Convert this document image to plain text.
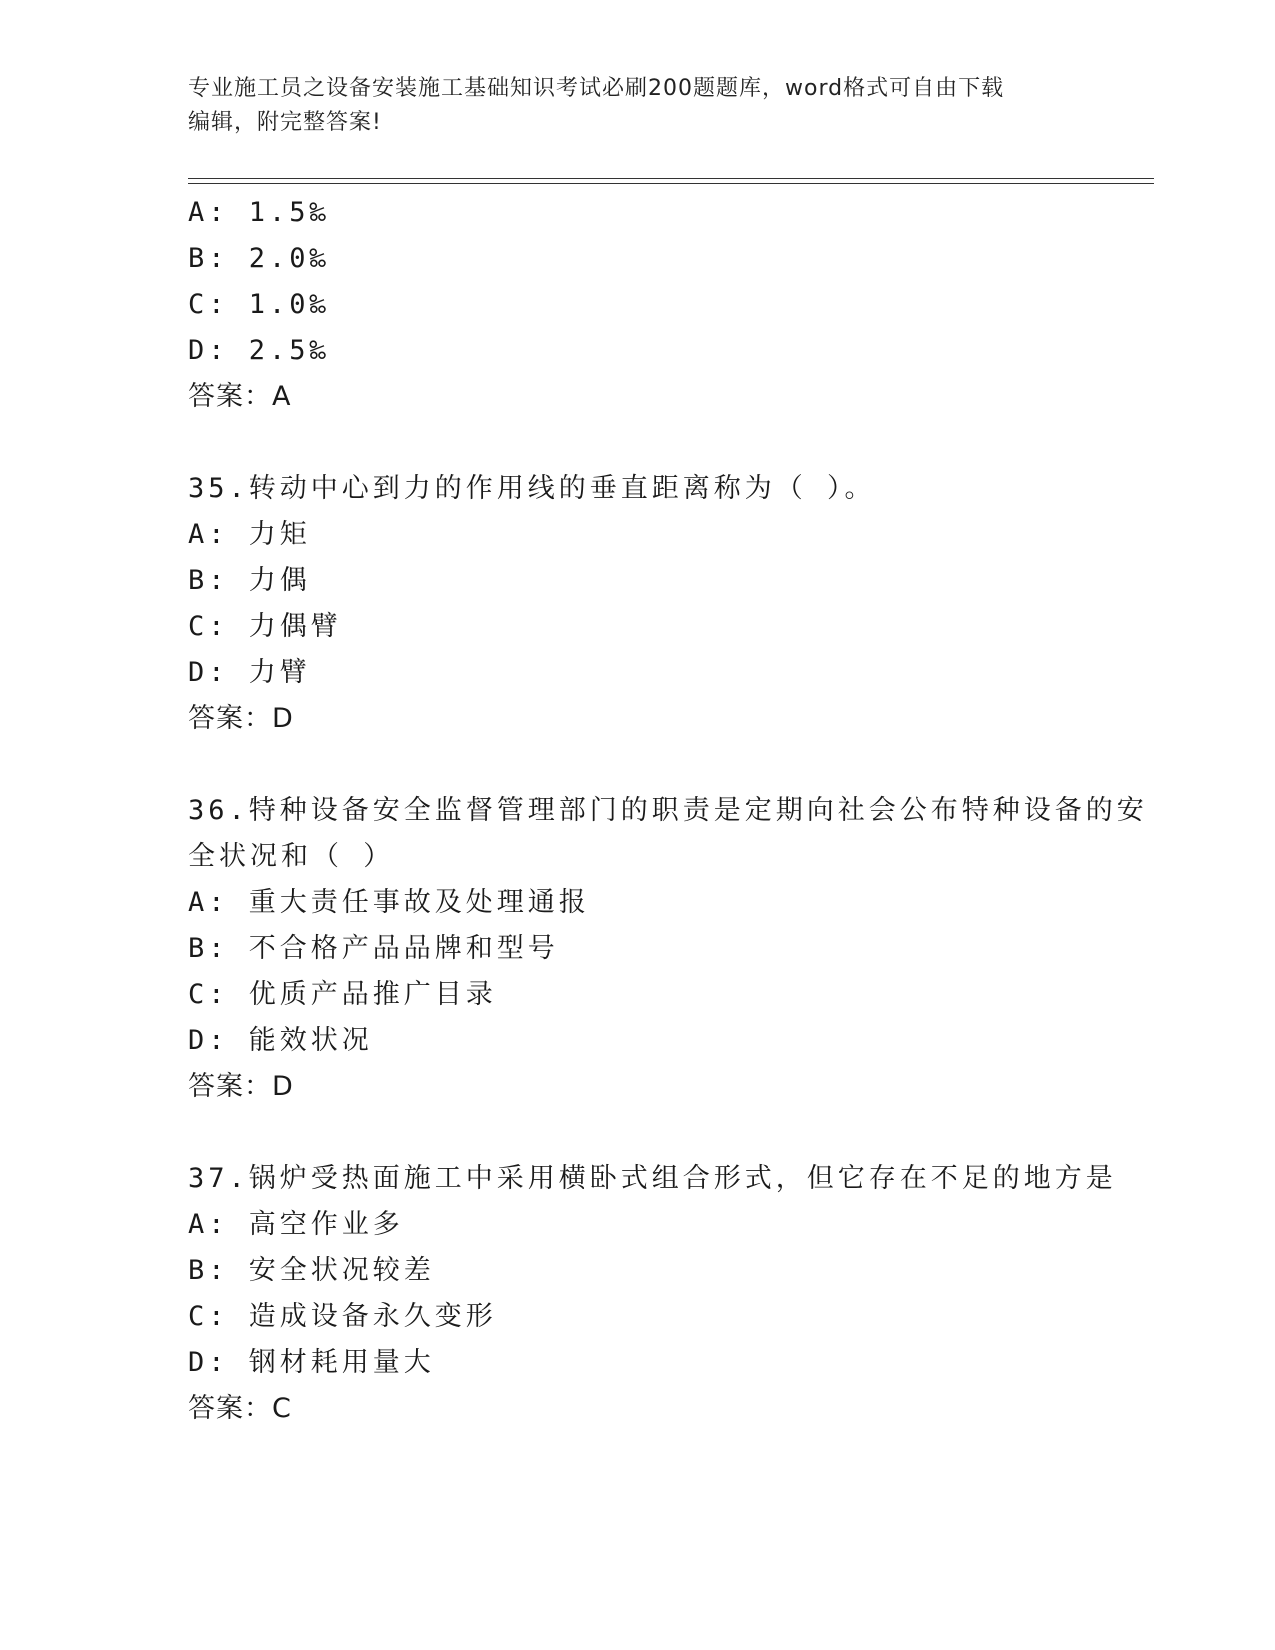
专业施工员之设备安装施工基础知识考试必刷200题题库，word格式可自由下载
编辑，附完整答案!
A: 1.5‰
B: 2.0‰
C: 1.0‰
D: 2.5‰
答案：A
35.转动中心到力的作用线的垂直距离称为（ ）。
A: 力矩
B: 力偶
C: 力偶臂
D: 力臂
答案：D
36.特种设备安全监督管理部门的职责是定期向社会公布特种设备的安
全状况和（ ）
A: 重大责任事故及处理通报
B: 不合格产品品牌和型号
C: 优质产品推广目录
D: 能效状况
答案：D
37.锅炉受热面施工中采用横卧式组合形式，但它存在不足的地方是
A: 高空作业多
B: 安全状况较差
C: 造成设备永久变形
D: 钢材耗用量大
答案：C
